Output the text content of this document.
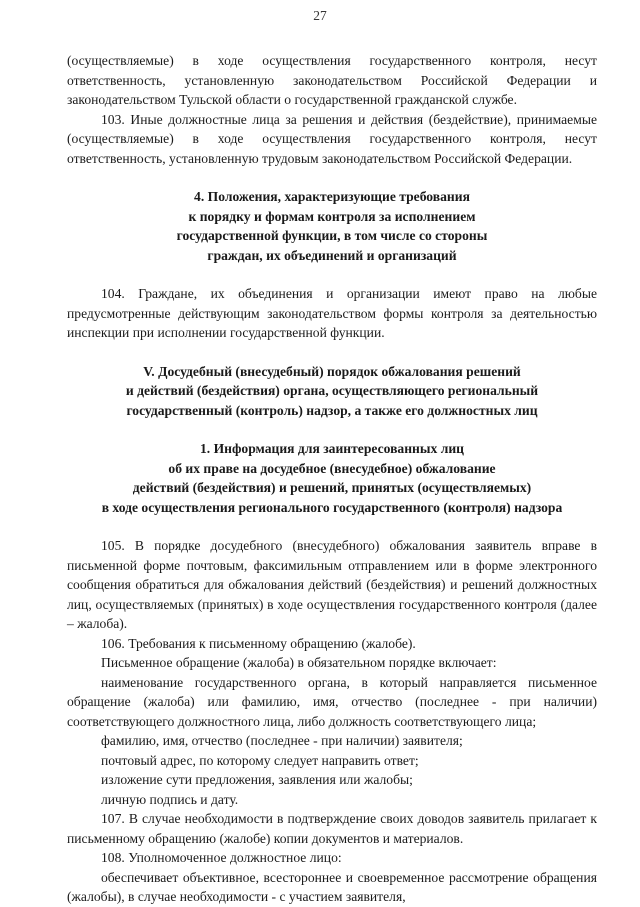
27

(осуществляемые) в ходе осуществления государственного контроля, несут ответственность, установленную законодательством Российской Федерации и законодательством Тульской области о государственной гражданской службе.

103. Иные должностные лица за решения и действия (бездействие), принимаемые (осуществляемые) в ходе осуществления государственного контроля, несут ответственность, установленную трудовым законодательством Российской Федерации.

4. Положения, характеризующие требования
к порядку и формам контроля за исполнением
государственной функции, в том числе со стороны
граждан, их объединений и организаций

104. Граждане, их объединения и организации имеют право на любые предусмотренные действующим законодательством формы контроля за деятельностью инспекции при исполнении государственной функции.

V. Досудебный (внесудебный) порядок обжалования решений
и действий (бездействия) органа, осуществляющего региональный
государственный (контроль) надзор, а также его должностных лиц
1. Информация для заинтересованных лиц
об их праве на досудебное (внесудебное) обжалование
действий (бездействия) и решений, принятых (осуществляемых)
в ходе осуществления регионального государственного (контроля) надзора

105. В порядке досудебного (внесудебного) обжалования заявитель вправе в письменной форме почтовым, факсимильным отправлением или в форме электронного сообщения обратиться для обжалования действий (бездействия) и решений должностных лиц, осуществляемых (принятых) в ходе осуществления государственного контроля (далее – жалоба).

106. Требования к письменному обращению (жалобе).

Письменное обращение (жалоба) в обязательном порядке включает:

наименование государственного органа, в который направляется письменное обращение (жалоба) или фамилию, имя, отчество (последнее - при наличии) соответствующего должностного лица, либо должность соответствующего лица;

фамилию, имя, отчество (последнее - при наличии) заявителя;

почтовый адрес, по которому следует направить ответ;

изложение сути предложения, заявления или жалобы;

личную подпись и дату.

107. В случае необходимости в подтверждение своих доводов заявитель прилагает к письменному обращению (жалобе) копии документов и материалов.

108. Уполномоченное должностное лицо:

обеспечивает объективное, всестороннее и своевременное рассмотрение обращения (жалобы), в случае необходимости - с участием заявителя,
